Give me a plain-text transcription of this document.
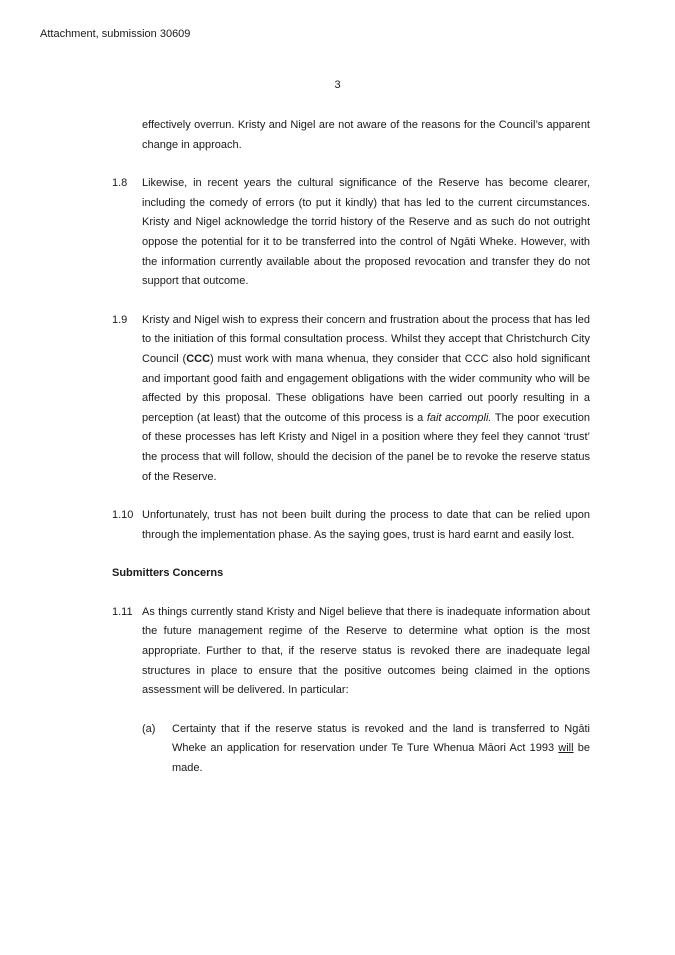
Attachment, submission 30609
3
effectively overrun. Kristy and Nigel are not aware of the reasons for the Council’s apparent change in approach.
1.8 Likewise, in recent years the cultural significance of the Reserve has become clearer, including the comedy of errors (to put it kindly) that has led to the current circumstances. Kristy and Nigel acknowledge the torrid history of the Reserve and as such do not outright oppose the potential for it to be transferred into the control of Ngāti Wheke. However, with the information currently available about the proposed revocation and transfer they do not support that outcome.
1.9 Kristy and Nigel wish to express their concern and frustration about the process that has led to the initiation of this formal consultation process. Whilst they accept that Christchurch City Council (CCC) must work with mana whenua, they consider that CCC also hold significant and important good faith and engagement obligations with the wider community who will be affected by this proposal. These obligations have been carried out poorly resulting in a perception (at least) that the outcome of this process is a fait accompli. The poor execution of these processes has left Kristy and Nigel in a position where they feel they cannot ‘trust’ the process that will follow, should the decision of the panel be to revoke the reserve status of the Reserve.
1.10 Unfortunately, trust has not been built during the process to date that can be relied upon through the implementation phase. As the saying goes, trust is hard earnt and easily lost.
Submitters Concerns
1.11 As things currently stand Kristy and Nigel believe that there is inadequate information about the future management regime of the Reserve to determine what option is the most appropriate. Further to that, if the reserve status is revoked there are inadequate legal structures in place to ensure that the positive outcomes being claimed in the options assessment will be delivered. In particular:
(a) Certainty that if the reserve status is revoked and the land is transferred to Ngāti Wheke an application for reservation under Te Ture Whenua Māori Act 1993 will be made.
